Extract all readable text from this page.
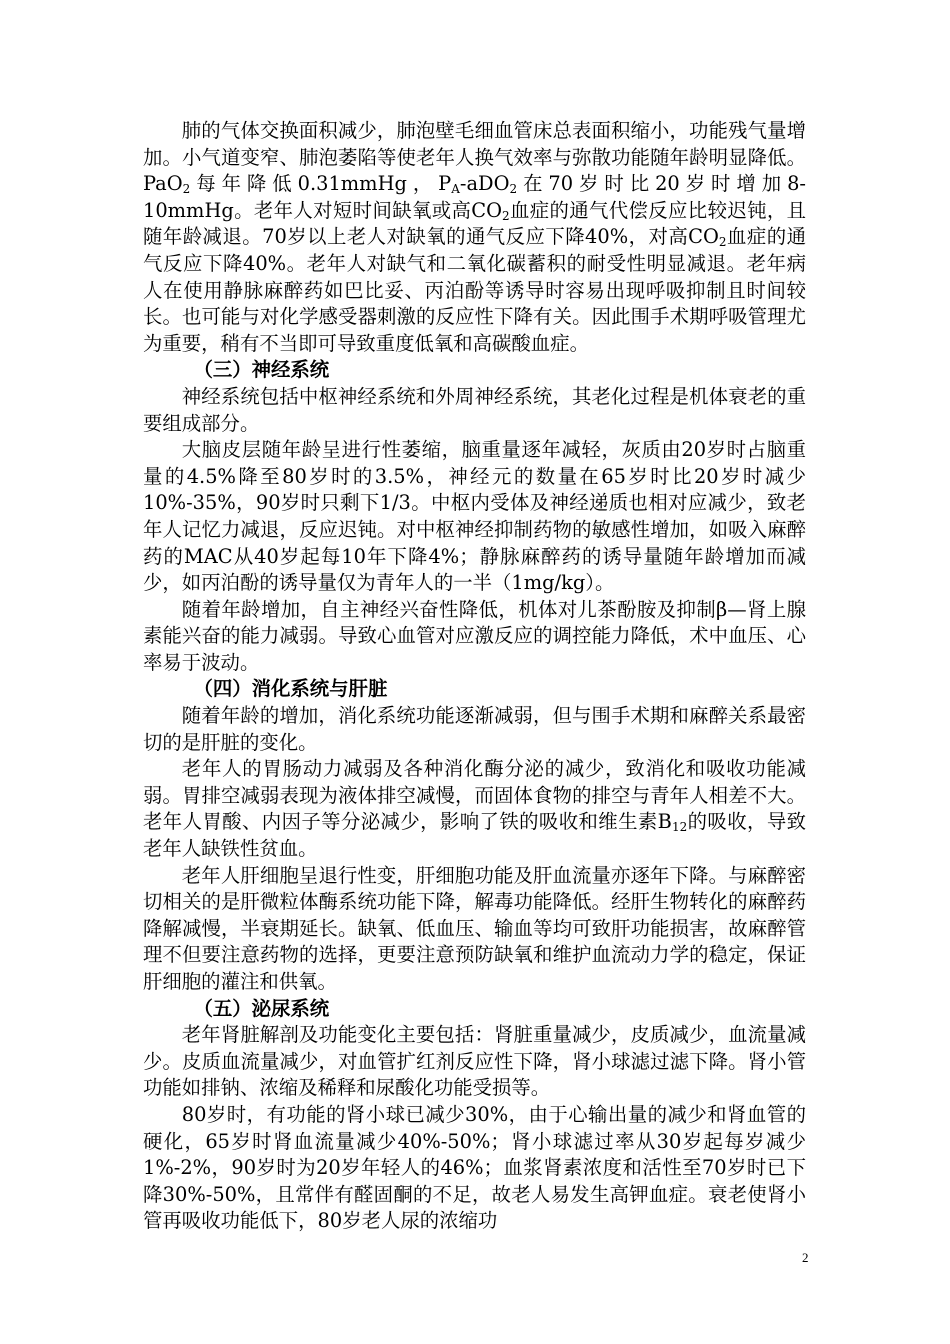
肺的气体交换面积减少，肺泡壁毛细血管床总表面积缩小，功能残气量增加。小气道变窄、肺泡萎陷等使老年人换气效率与弥散功能随年龄明显降低。PaO$_2$每年降低0.31mmHg，$P_A-aDO_2$在70岁时比20岁时增加8-10mmHg。老年人对短时间缺氧或高$CO_2$血症的通气代偿反应比较迟钝，且随年龄减退。70岁以上老人对缺氧的通气反应下降40%，对高$CO_2$血症的通气反应下降40%。老年人对缺气和二氧化碳蓄积的耐受性明显减退。老年病人在使用静脉麻醉药如巴比妥、丙泊酚等诱导时容易出现呼吸抑制且时间较长。也可能与对化学感受器刺激的反应性下降有关。因此围手术期呼吸管理尤为重要，稍有不当即可导致重度低氧和高碳酸血症。

（三）神经系统

神经系统包括中枢神经系统和外周神经系统，其老化过程是机体衰老的重要组成部分。

大脑皮层随年龄呈进行性萎缩，脑重量逐年减轻，灰质由20岁时占脑重量的4.5%降至80岁时的3.5%，神经元的数量在65岁时比20岁时减少10%-35%，90岁时只剩下1/3。中枢内受体及神经递质也相对应减少，致老年人记忆力减退，反应迟钝。对中枢神经抑制药物的敏感性增加，如吸入麻醉药的MAC从40岁起每10年下降4%；静脉麻醉药的诱导量随年龄增加而减少，如丙泊酚的诱导量仅为青年人的一半（1mg/kg）。

随着年龄增加，自主神经兴奋性降低，机体对儿茶酚胺及抑制β—肾上腺素能兴奋的能力减弱。导致心血管对应激反应的调控能力降低，术中血压、心率易于波动。

（四）消化系统与肝脏

随着年龄的增加，消化系统功能逐渐减弱，但与围手术期和麻醉关系最密切的是肝脏的变化。

老年人的胃肠动力减弱及各种消化酶分泌的减少，致消化和吸收功能减弱。胃排空减弱表现为液体排空减慢，而固体食物的排空与青年人相差不大。老年人胃酸、内因子等分泌减少，影响了铁的吸收和维生素$B_{12}$的吸收，导致老年人缺铁性贫血。

老年人肝细胞呈退行性变，肝细胞功能及肝血流量亦逐年下降。与麻醉密切相关的是肝微粒体酶系统功能下降，解毒功能降低。经肝生物转化的麻醉药降解减慢，半衰期延长。缺氧、低血压、输血等均可致肝功能损害，故麻醉管理不但要注意药物的选择，更要注意预防缺氧和维护血流动力学的稳定，保证肝细胞的灌注和供氧。

（五）泌尿系统

老年肾脏解剖及功能变化主要包括：肾脏重量减少，皮质减少，血流量减少。皮质血流量减少，对血管扩红剂反应性下降，肾小球滤过滤下降。肾小管功能如排钠、浓缩及稀释和尿酸化功能受损等。

80岁时，有功能的肾小球已减少30%，由于心输出量的减少和肾血管的硬化，65岁时肾血流量减少40%-50%；肾小球滤过率从30岁起每岁减少1%-2%，90岁时为20岁年轻人的46%；血浆肾素浓度和活性至70岁时已下降30%-50%，且常伴有醛固酮的不足，故老人易发生高钾血症。衰老使肾小管再吸收功能低下，80岁老人尿的浓缩功

2
